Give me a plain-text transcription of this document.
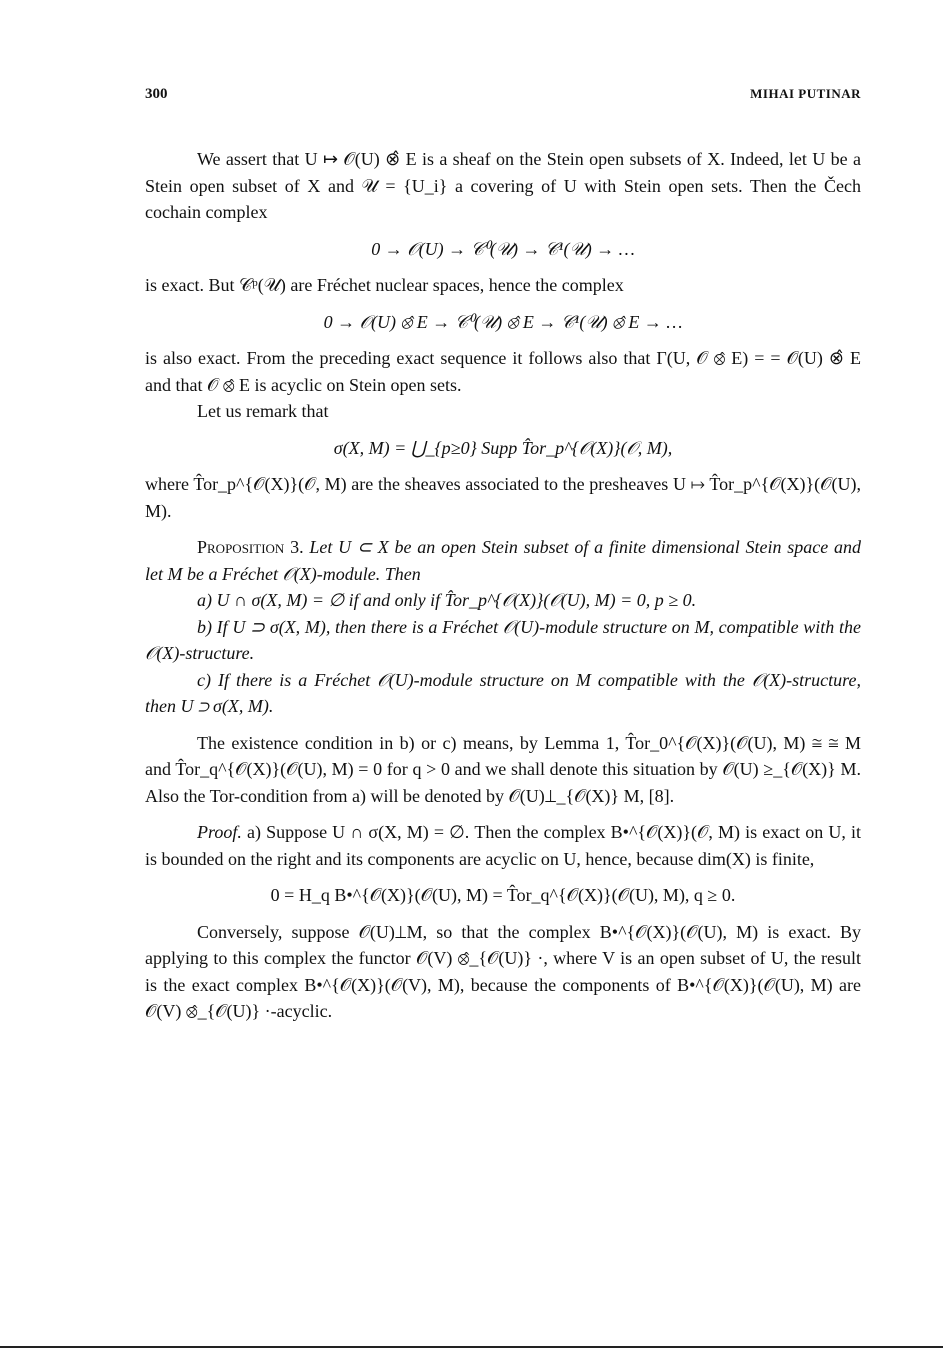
300	MIHAI PUTINAR

We assert that U ↦ 𝒪(U) ⊗̂ E is a sheaf on the Stein open subsets of X. Indeed, let U be a Stein open subset of X and 𝒰 = {U_i} a covering of U with Stein open sets. Then the Čech cochain complex

0 → 𝒪(U) → 𝒞⁰(𝒰) → 𝒞¹(𝒰) → …

is exact. But 𝒞ᵖ(𝒰) are Fréchet nuclear spaces, hence the complex

0 → 𝒪(U) ⊗̂ E → 𝒞⁰(𝒰) ⊗̂ E → 𝒞¹(𝒰) ⊗̂ E → …

is also exact. From the preceding exact sequence it follows also that Γ(U, 𝒪 ⊗̂ E) = = 𝒪(U) ⊗̂ E and that 𝒪 ⊗̂ E is acyclic on Stein open sets.

Let us remark that

σ(X, M) = ⋃_{p≥0} Supp T̂or_p^{𝒪(X)}(𝒪, M),

where T̂or_p^{𝒪(X)}(𝒪, M) are the sheaves associated to the presheaves U ↦ T̂or_p^{𝒪(X)}(𝒪(U), M).

Proposition 3. Let U ⊂ X be an open Stein subset of a finite dimensional Stein space and let M be a Fréchet 𝒪(X)-module. Then

a) U ∩ σ(X, M) = ∅ if and only if T̂or_p^{𝒪(X)}(𝒪(U), M) = 0, p ≥ 0.

b) If U ⊃ σ(X, M), then there is a Fréchet 𝒪(U)-module structure on M, compatible with the 𝒪(X)-structure.

c) If there is a Fréchet 𝒪(U)-module structure on M compatible with the 𝒪(X)-structure, then U ⊃ σ(X, M).

The existence condition in b) or c) means, by Lemma 1, T̂or_0^{𝒪(X)}(𝒪(U), M) ≅ ≅ M and T̂or_q^{𝒪(X)}(𝒪(U), M) = 0 for q > 0 and we shall denote this situation by 𝒪(U) ≥_{𝒪(X)} M. Also the Tor-condition from a) will be denoted by 𝒪(U)⊥_{𝒪(X)} M, [8].

Proof. a) Suppose U ∩ σ(X, M) = ∅. Then the complex B•^{𝒪(X)}(𝒪, M) is exact on U, it is bounded on the right and its components are acyclic on U, hence, because dim(X) is finite,

0 = H_q B•^{𝒪(X)}(𝒪(U), M) = T̂or_q^{𝒪(X)}(𝒪(U), M), q ≥ 0.

Conversely, suppose 𝒪(U)⊥M, so that the complex B•^{𝒪(X)}(𝒪(U), M) is exact. By applying to this complex the functor 𝒪(V) ⊗̂_{𝒪(U)} ·, where V is an open subset of U, the result is the exact complex B•^{𝒪(X)}(𝒪(V), M), because the components of B•^{𝒪(X)}(𝒪(U), M) are 𝒪(V) ⊗̂_{𝒪(U)} ·-acyclic.
